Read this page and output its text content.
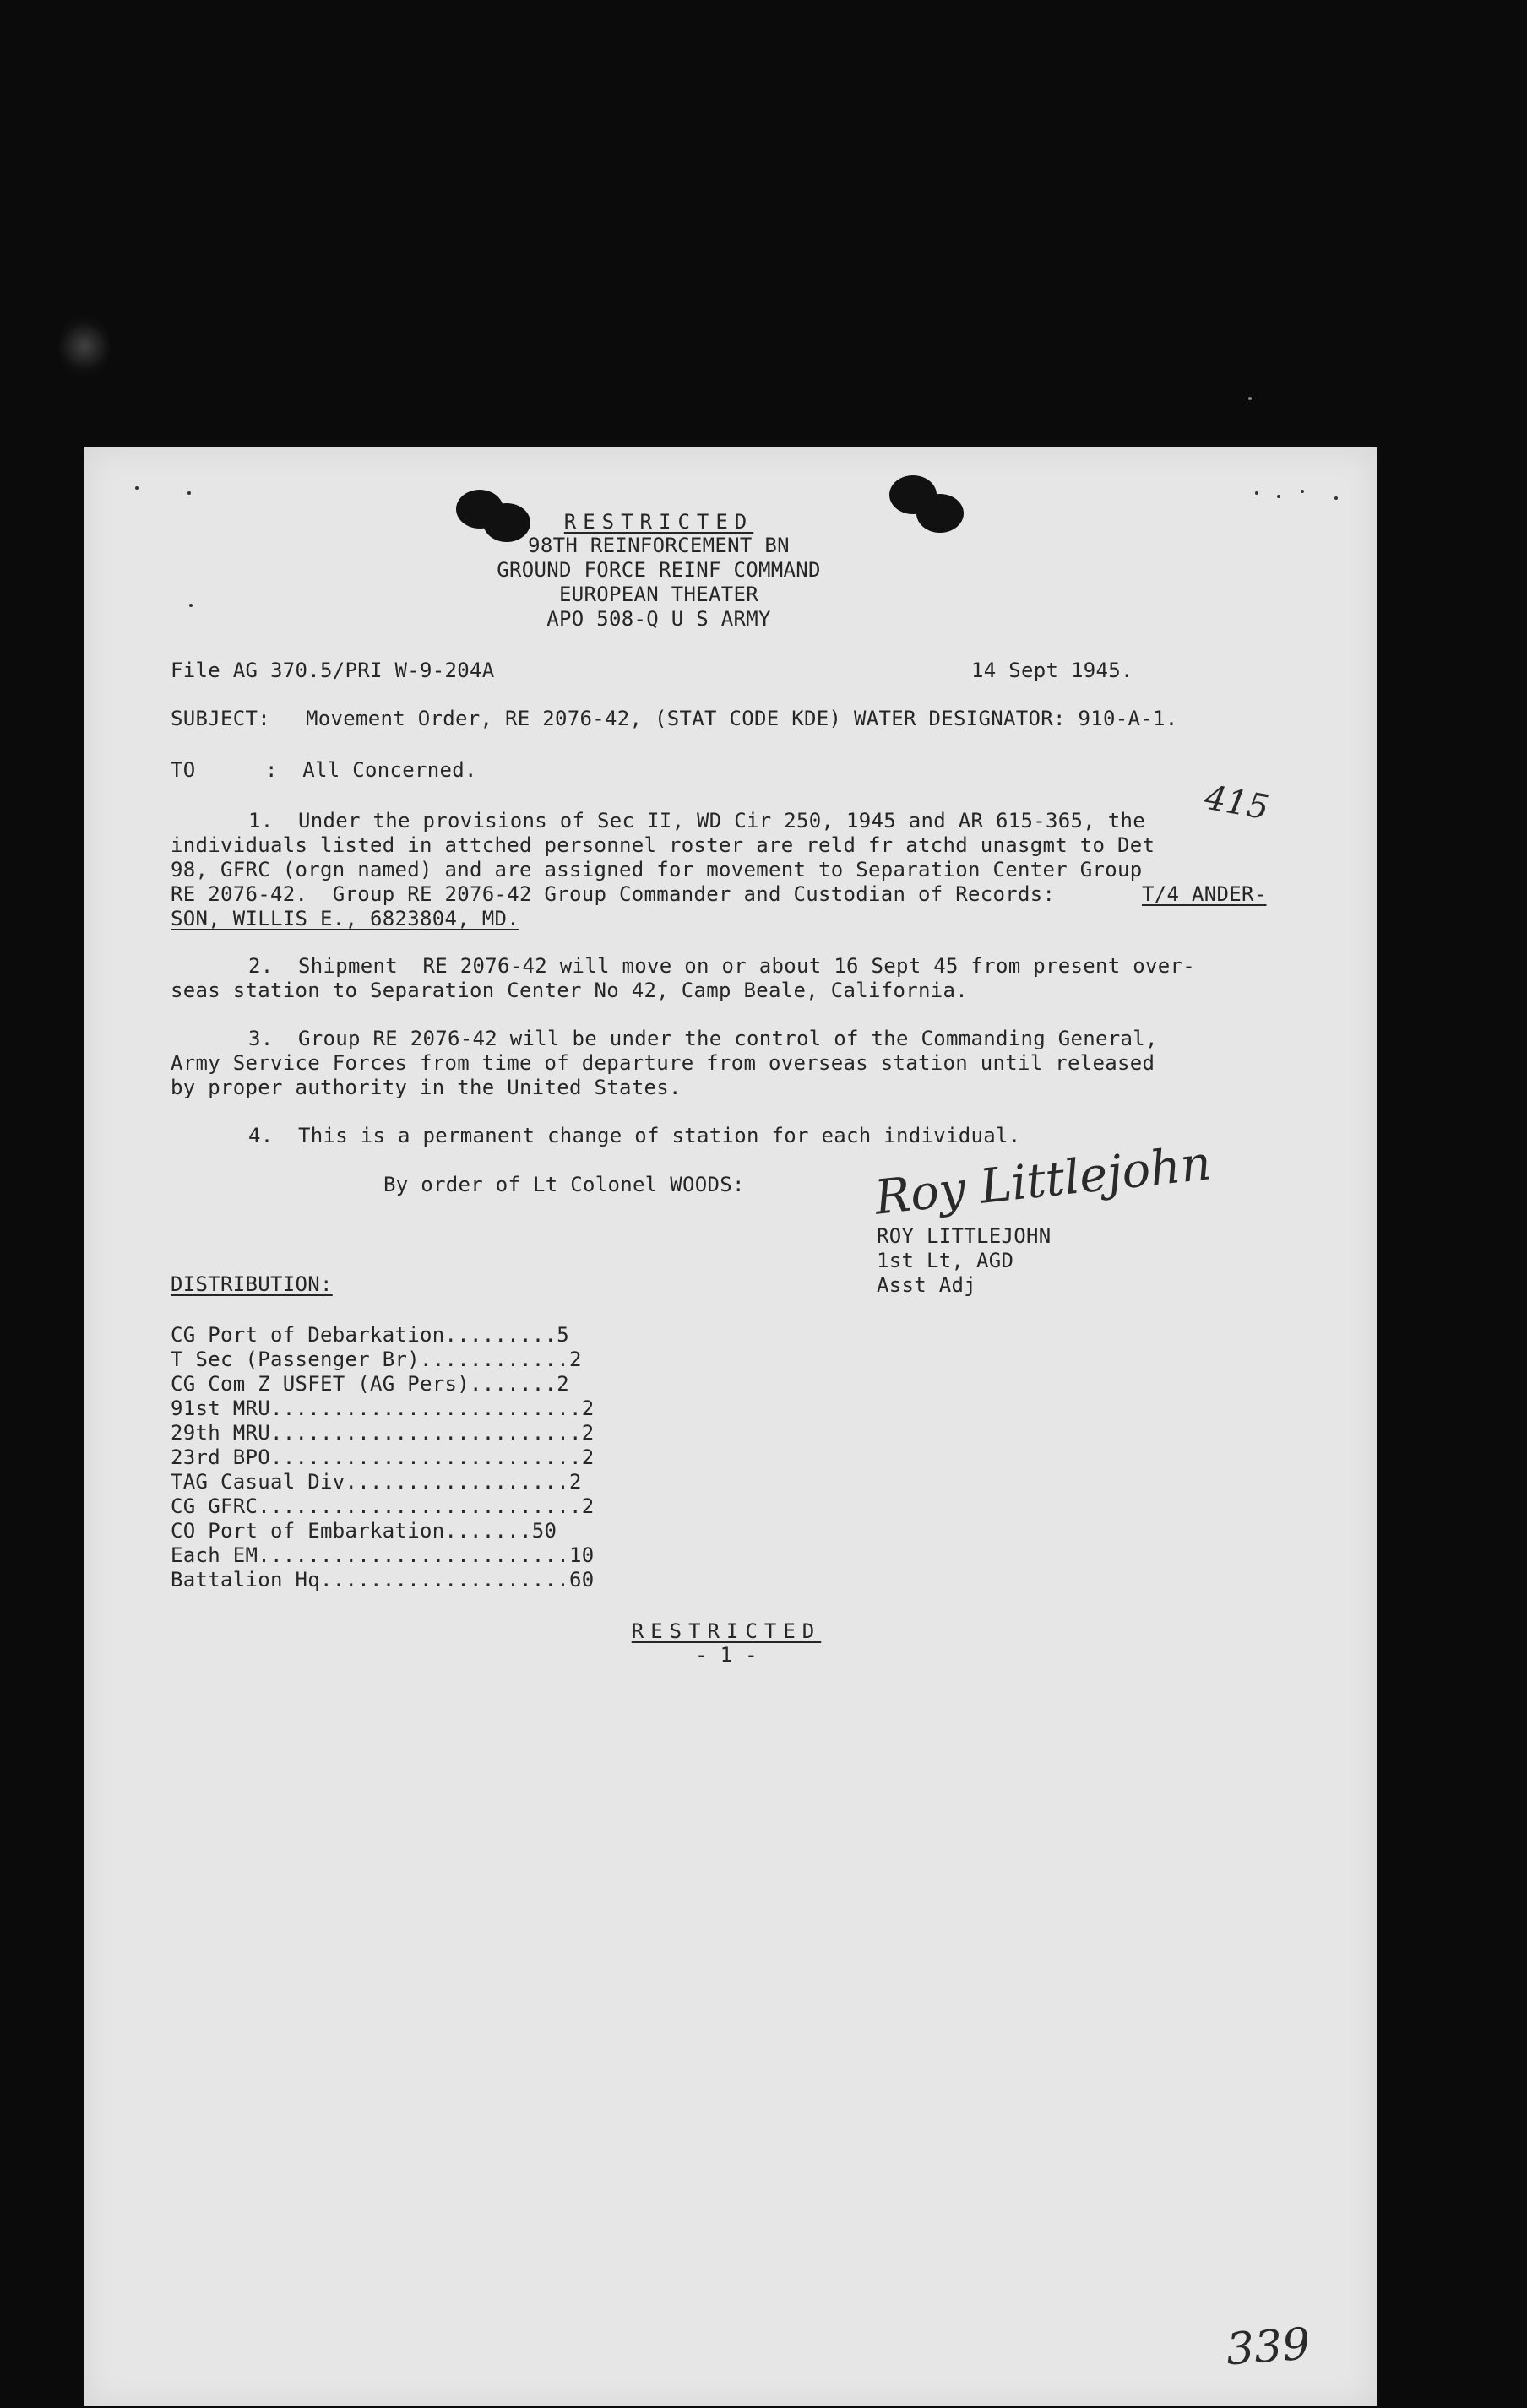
RESTRICTED
98TH REINFORCEMENT BN
GROUND FORCE REINF COMMAND
EUROPEAN THEATER
APO 508-Q U S ARMY
File AG 370.5/PRI W-9-204A	14 Sept 1945.
SUBJECT: Movement Order, RE 2076-42, (STAT CODE KDE) WATER DESIGNATOR: 910-A-1.
TO	:  All Concerned.
415
1.  Under the provisions of Sec II, WD Cir 250, 1945 and AR 615-365, the
individuals listed in attched personnel roster are reld fr atchd unasgmt to Det
98, GFRC (orgn named) and are assigned for movement to Separation Center Group
RE 2076-42.  Group RE 2076-42 Group Commander and Custodian of Records:	T/4 ANDER-
SON, WILLIS E., 6823804, MD.
2.  Shipment  RE 2076-42 will move on or about 16 Sept 45 from present over-
seas station to Separation Center No 42, Camp Beale, California.
3.  Group RE 2076-42 will be under the control of the Commanding General,
Army Service Forces from time of departure from overseas station until released
by proper authority in the United States.
4.  This is a permanent change of station for each individual.
By order of Lt Colonel WOODS:	Roy Littlejohn
ROY LITTLEJOHN
1st Lt, AGD
Asst Adj
DISTRIBUTION:
CG Port of Debarkation.........5
T Sec (Passenger Br)............2
CG Com Z USFET (AG Pers).......2
91st MRU.........................2
29th MRU.........................2
23rd BPO.........................2
TAG Casual Div..................2
CG GFRC..........................2
CO Port of Embarkation.......50
Each EM.........................10
Battalion Hq....................60
RESTRICTED
- 1 -
339
